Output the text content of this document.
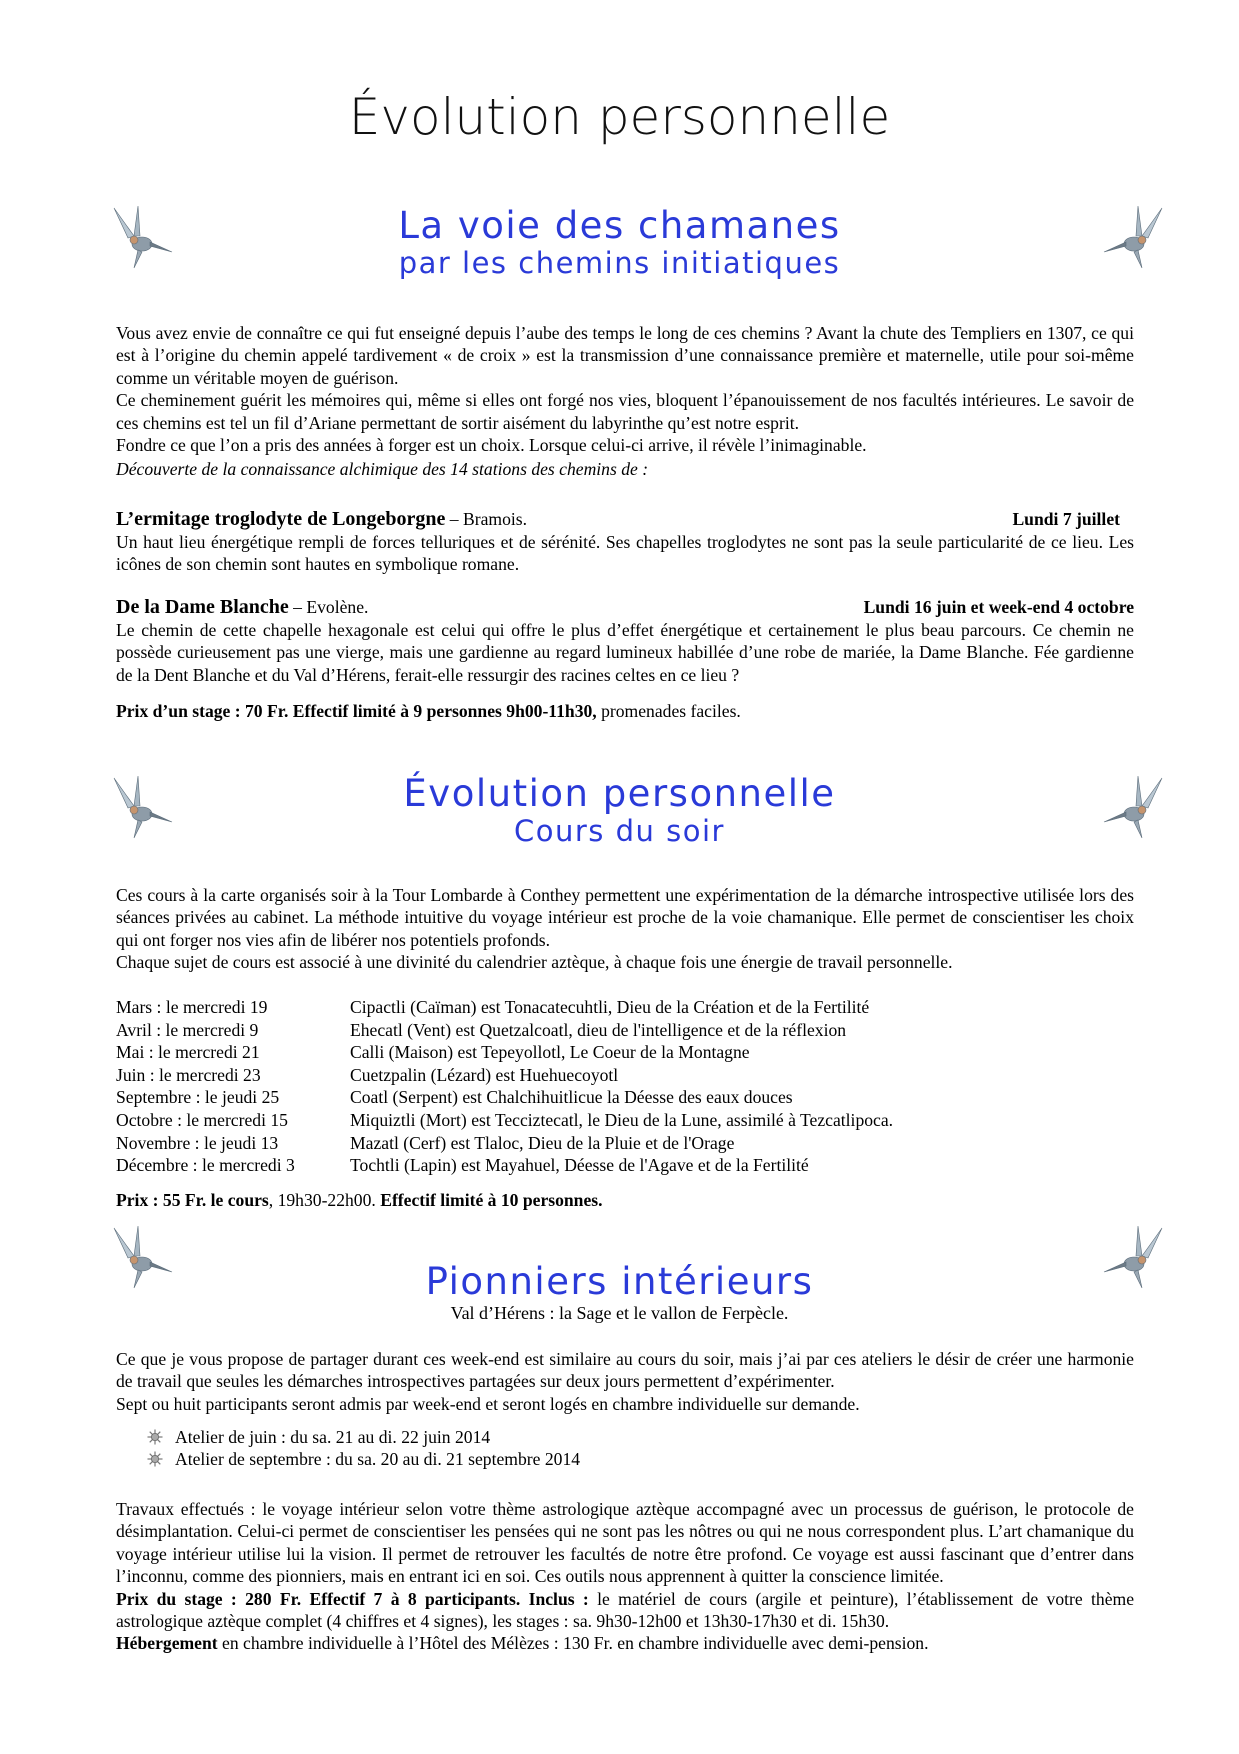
Évolution personnelle
La voie des chamanes
par les chemins initiatiques

Vous avez envie de connaître ce qui fut enseigné depuis l’aube des temps le long de ces chemins ? Avant la chute des Templiers en 1307, ce qui est à l’origine du chemin appelé tardivement « de croix » est la transmission d’une connaissance première et maternelle, utile pour soi-même comme un véritable moyen de guérison.

Ce cheminement guérit les mémoires qui, même si elles ont forgé nos vies, bloquent l’épanouissement de nos facultés intérieures. Le savoir de ces chemins est tel un fil d’Ariane permettant de sortir aisément du labyrinthe qu’est notre esprit.

Fondre ce que l’on a pris des années à forger est un choix. Lorsque celui-ci arrive, il révèle l’inimaginable.

Découverte de la connaissance alchimique des 14 stations des chemins de :

L’ermitage troglodyte de Longeborgne – Bramois.	Lundi 7 juillet

Un haut lieu énergétique rempli de forces telluriques et de sérénité. Ses chapelles troglodytes ne sont pas la seule particularité de ce lieu. Les icônes de son chemin sont hautes en symbolique romane.

De la Dame Blanche – Evolène.	Lundi 16 juin et week-end 4 octobre

Le chemin de cette chapelle hexagonale est celui qui offre le plus d’effet énergétique et certainement le plus beau parcours. Ce chemin ne possède curieusement pas une vierge, mais une gardienne au regard lumineux habillée d’une robe de mariée, la Dame Blanche. Fée gardienne de la Dent Blanche et du Val d’Hérens, ferait-elle ressurgir des racines celtes en ce lieu ?

Prix d’un stage : 70 Fr. Effectif limité à 9 personnes 9h00-11h30, promenades faciles.

Évolution personnelle
Cours du soir

Ces cours à la carte organisés soir à la Tour Lombarde à Conthey permettent une expérimentation de la démarche introspective utilisée lors des séances privées au cabinet. La méthode intuitive du voyage intérieur est proche de la voie chamanique. Elle permet de conscientiser les choix qui ont forger nos vies afin de libérer nos potentiels profonds.

Chaque sujet de cours est associé à une divinité du calendrier aztèque, à chaque fois une énergie de travail personnelle.

Mars : le mercredi 19	Cipactli (Caïman) est Tonacatecuhtli, Dieu de la Création et de la Fertilité
Avril : le mercredi 9	Ehecatl (Vent) est Quetzalcoatl, dieu de l'intelligence et de la réflexion
Mai : le mercredi 21	Calli (Maison) est Tepeyollotl, Le Coeur de la Montagne
Juin : le mercredi 23	Cuetzpalin (Lézard) est Huehuecoyotl
Septembre : le jeudi 25	Coatl (Serpent) est Chalchihuitlicue la Déesse des eaux douces
Octobre : le mercredi 15	Miquiztli (Mort) est Tecciztecatl, le Dieu de la Lune, assimilé à Tezcatlipoca.
Novembre : le jeudi 13	Mazatl (Cerf) est Tlaloc, Dieu de la Pluie et de l'Orage
Décembre : le mercredi 3	Tochtli (Lapin) est Mayahuel, Déesse de l'Agave et de la Fertilité

Prix : 55 Fr. le cours, 19h30-22h00. Effectif limité à 10 personnes.

Pionniers intérieurs
Val d’Hérens : la Sage et le vallon de Ferpècle.

Ce que je vous propose de partager durant ces week-end est similaire au cours du soir, mais j’ai par ces ateliers le désir de créer une harmonie de travail que seules les démarches introspectives partagées sur deux jours permettent d’expérimenter.

Sept ou huit participants seront admis par week-end et seront logés en chambre individuelle sur demande.

Atelier de juin : du sa. 21 au di. 22 juin 2014
Atelier de septembre : du sa. 20 au di. 21 septembre 2014

Travaux effectués : le voyage intérieur selon votre thème astrologique aztèque accompagné avec un processus de guérison, le protocole de désimplantation. Celui-ci permet de conscientiser les pensées qui ne sont pas les nôtres ou qui ne nous correspondent plus. L’art chamanique du voyage intérieur utilise lui la vision. Il permet de retrouver les facultés de notre être profond. Ce voyage est aussi fascinant que d’entrer dans l’inconnu, comme des pionniers, mais en entrant ici en soi. Ces outils nous apprennent à quitter la conscience limitée.

Prix du stage : 280 Fr. Effectif 7 à 8 participants. Inclus : le matériel de cours (argile et peinture), l’établissement de votre thème astrologique aztèque complet (4 chiffres et 4 signes), les stages : sa. 9h30-12h00 et 13h30-17h30 et di. 15h30.

Hébergement en chambre individuelle à l’Hôtel des Mélèzes : 130 Fr. en chambre individuelle avec demi-pension.
